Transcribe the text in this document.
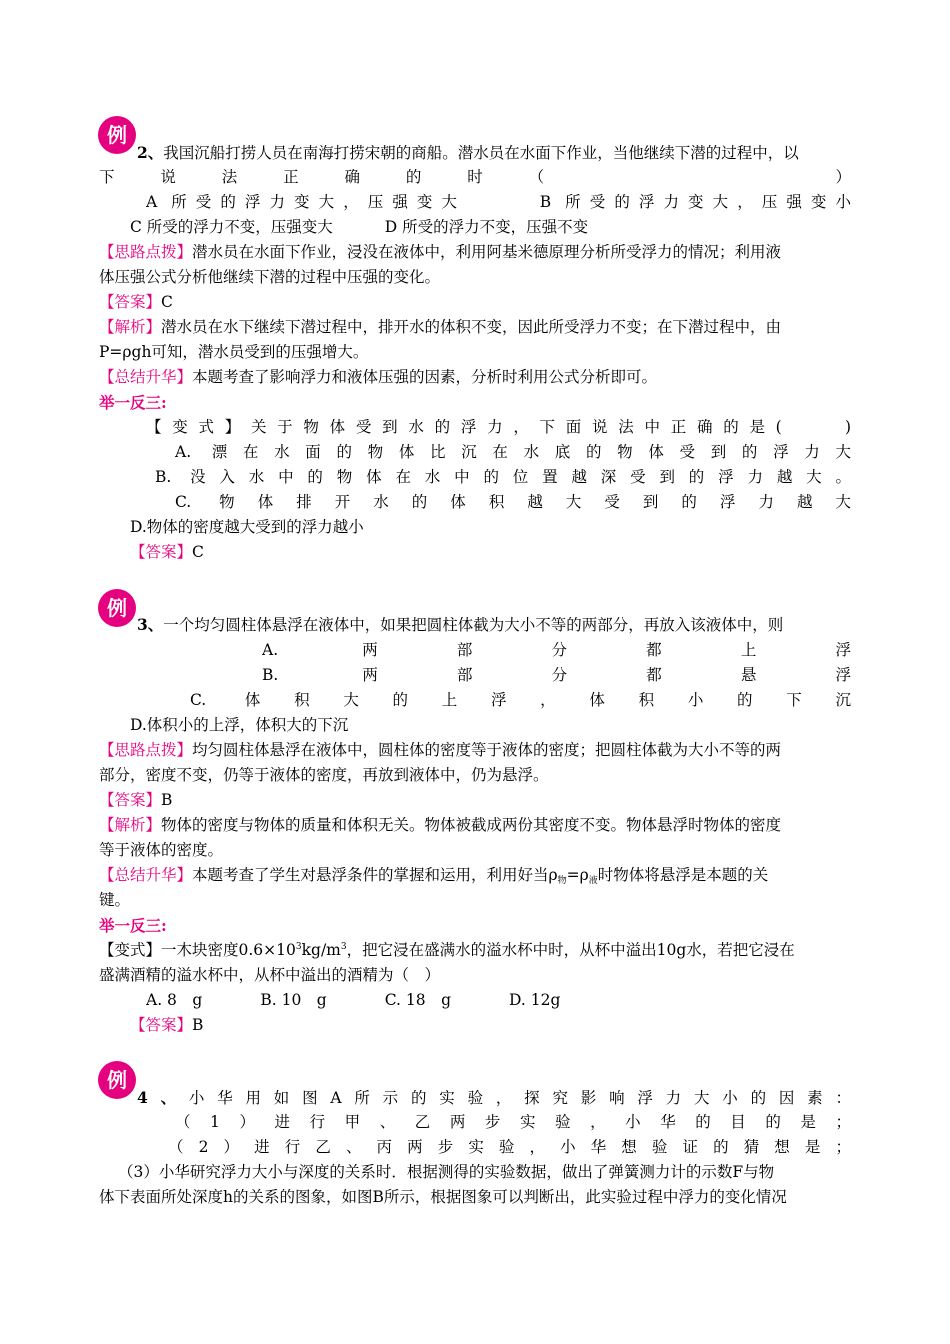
例
2、我国沉船打捞人员在南海打捞宋朝的商船。潜水员在水面下作业，当他继续下潜的过程中，以
下说法正确的时（　　　　）
A 所受的浮力变大，压强变大　　　	B 所受的浮力变大，压强变小
C 所受的浮力不变，压强变大	D 所受的浮力不变，压强不变
【思路点拨】潜水员在水面下作业，浸没在液体中，利用阿基米德原理分析所受浮力的情况；利用液
体压强公式分析他继续下潜的过程中压强的变化。
【答案】C
【解析】潜水员在水下继续下潜过程中，排开水的体积不变，因此所受浮力不变；在下潜过程中，由
P=ρgh可知，潜水员受到的压强增大。
【总结升华】本题考查了影响浮力和液体压强的因素，分析时利用公式分析即可。
举一反三:
【变式】关于物体受到水的浮力，下面说法中正确的是(　　)
A. 漂在水面的物体比沉在水底的物体受到的浮力大
B. 没入水中的物体在水中的位置越深受到的浮力越大。
C. 物体排开水的体积越大受到的浮力越大
D.物体的密度越大受到的浮力越小
【答案】C
例
3、一个均匀圆柱体悬浮在液体中，如果把圆柱体截为大小不等的两部分，再放入该液体中，则
A. 两部分都上浮
B. 两部分都悬浮
C. 体积大的上浮，体积小的下沉
D.体积小的上浮，体积大的下沉
【思路点拨】均匀圆柱体悬浮在液体中，圆柱体的密度等于液体的密度；把圆柱体截为大小不等的两
部分，密度不变，仍等于液体的密度，再放到液体中，仍为悬浮。
【答案】B
【解析】物体的密度与物体的质量和体积无关。物体被截成两份其密度不变。物体悬浮时物体的密度
等于液体的密度。
【总结升华】本题考查了学生对悬浮条件的掌握和运用，利用好当$\rho_物=\rho_液$时物体将悬浮是本题的关
键。
举一反三:
【变式】一木块密度$0.6\times 10^3kg/m^3$，把它浸在盛满水的溢水杯中时，从杯中溢出10g水，若把它浸在
盛满酒精的溢水杯中，从杯中溢出的酒精为（　）
A. 8　g	B. 10　g	C. 18　g	D. 12g
【答案】B
例
4、小华用如图A所示的实验，探究影响浮力大小的因素：
（1）进行甲、乙两步实验，小华的目的是；
（2）进行乙、丙两步实验，小华想验证的猜想是；
（3）小华研究浮力大小与深度的关系时．根据测得的实验数据，做出了弹簧测力计的示数F与物
体下表面所处深度h的关系的图象，如图B所示，根据图象可以判断出，此实验过程中浮力的变化情况
